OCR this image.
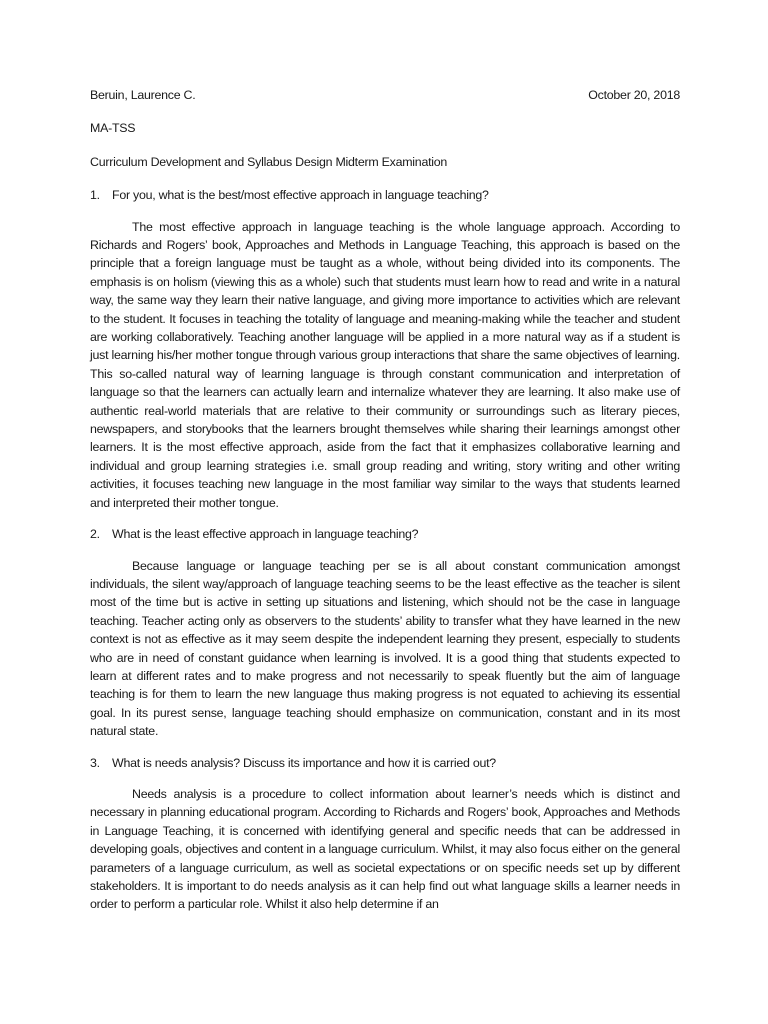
Beruin, Laurence C.	October 20, 2018
MA-TSS
Curriculum Development and Syllabus Design Midterm Examination
1. For you, what is the best/most effective approach in language teaching?

The most effective approach in language teaching is the whole language approach. According to Richards and Rogers’ book, Approaches and Methods in Language Teaching, this approach is based on the principle that a foreign language must be taught as a whole, without being divided into its components. The emphasis is on holism (viewing this as a whole) such that students must learn how to read and write in a natural way, the same way they learn their native language, and giving more importance to activities which are relevant to the student. It focuses in teaching the totality of language and meaning-making while the teacher and student are working collaboratively. Teaching another language will be applied in a more natural way as if a student is just learning his/her mother tongue through various group interactions that share the same objectives of learning. This so-called natural way of learning language is through constant communication and interpretation of language so that the learners can actually learn and internalize whatever they are learning. It also make use of authentic real-world materials that are relative to their community or surroundings such as literary pieces, newspapers, and storybooks that the learners brought themselves while sharing their learnings amongst other learners. It is the most effective approach, aside from the fact that it emphasizes collaborative learning and individual and group learning strategies i.e. small group reading and writing, story writing and other writing activities, it focuses teaching new language in the most familiar way similar to the ways that students learned and interpreted their mother tongue.

2. What is the least effective approach in language teaching?

Because language or language teaching per se is all about constant communication amongst individuals, the silent way/approach of language teaching seems to be the least effective as the teacher is silent most of the time but is active in setting up situations and listening, which should not be the case in language teaching. Teacher acting only as observers to the students’ ability to transfer what they have learned in the new context is not as effective as it may seem despite the independent learning they present, especially to students who are in need of constant guidance when learning is involved. It is a good thing that students expected to learn at different rates and to make progress and not necessarily to speak fluently but the aim of language teaching is for them to learn the new language thus making progress is not equated to achieving its essential goal. In its purest sense, language teaching should emphasize on communication, constant and in its most natural state.

3. What is needs analysis? Discuss its importance and how it is carried out?

Needs analysis is a procedure to collect information about learner’s needs which is distinct and necessary in planning educational program. According to Richards and Rogers’ book, Approaches and Methods in Language Teaching, it is concerned with identifying general and specific needs that can be addressed in developing goals, objectives and content in a language curriculum. Whilst, it may also focus either on the general parameters of a language curriculum, as well as societal expectations or on specific needs set up by different stakeholders. It is important to do needs analysis as it can help find out what language skills a learner needs in order to perform a particular role. Whilst it also help determine if an
